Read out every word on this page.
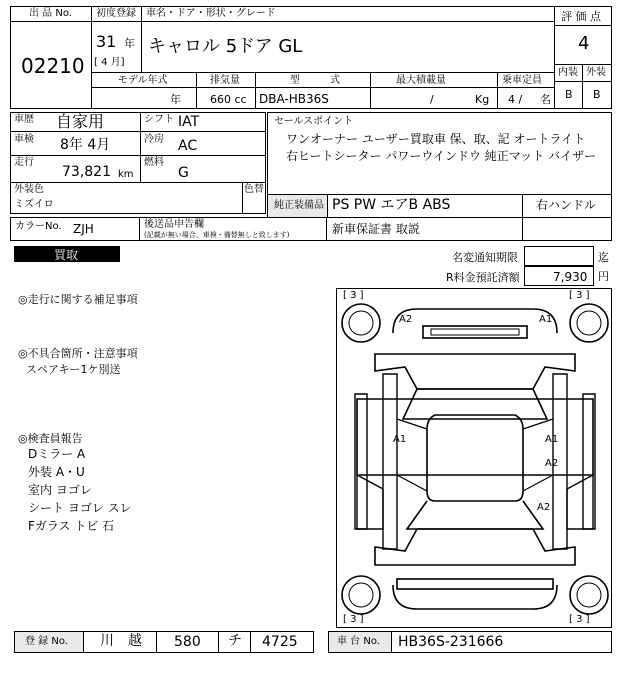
出 品 No.
02210
初度登録
31 年
[ 4 月]
車名・ドア・形状・グレード
キャロル 5ドア GL
評 価 点
4
内装 外装
B B
モデル年式
年
排気量
660 cc
型　　　式
DBA-HB36S
最大積載量
/	Kg
乗車定員
4 / 名
車歴 自家用	シフト IAT
車検 8年 4月	冷房 AC
走行
73,821 km
燃料
G
外装色
ミズイロ
色替
カラーNo. ZJH	後送品申告欄
(記載が無い場合、車検・備替無しと致します)
セールスポイント
ワンオーナー ユーザー買取車 保、取、記 オートライト
右ヒートシーター パワーウインドウ 純正マット バイザー
純正装備品 PS PW エアB ABS	右ハンドル
新車保証書 取説
買取	名変通知期限	迄
R料金預託済額	7,930 円
◎走行に関する補足事項
◎不具合箇所・注意事項
スペアキー1ケ別送
◎検査員報告
Dミラー A
外装 A・U
室内 ヨゴレ
シート ヨゴレ スレ
Fガラス トビ 石
[ 3 ]	[ 3 ]
[ 3 ]	[ 3 ]
A2	A1
A1	A1
A2
A2
登 録 No. 川　越 580 チ 4725	車 台 No. HB36S-231666
